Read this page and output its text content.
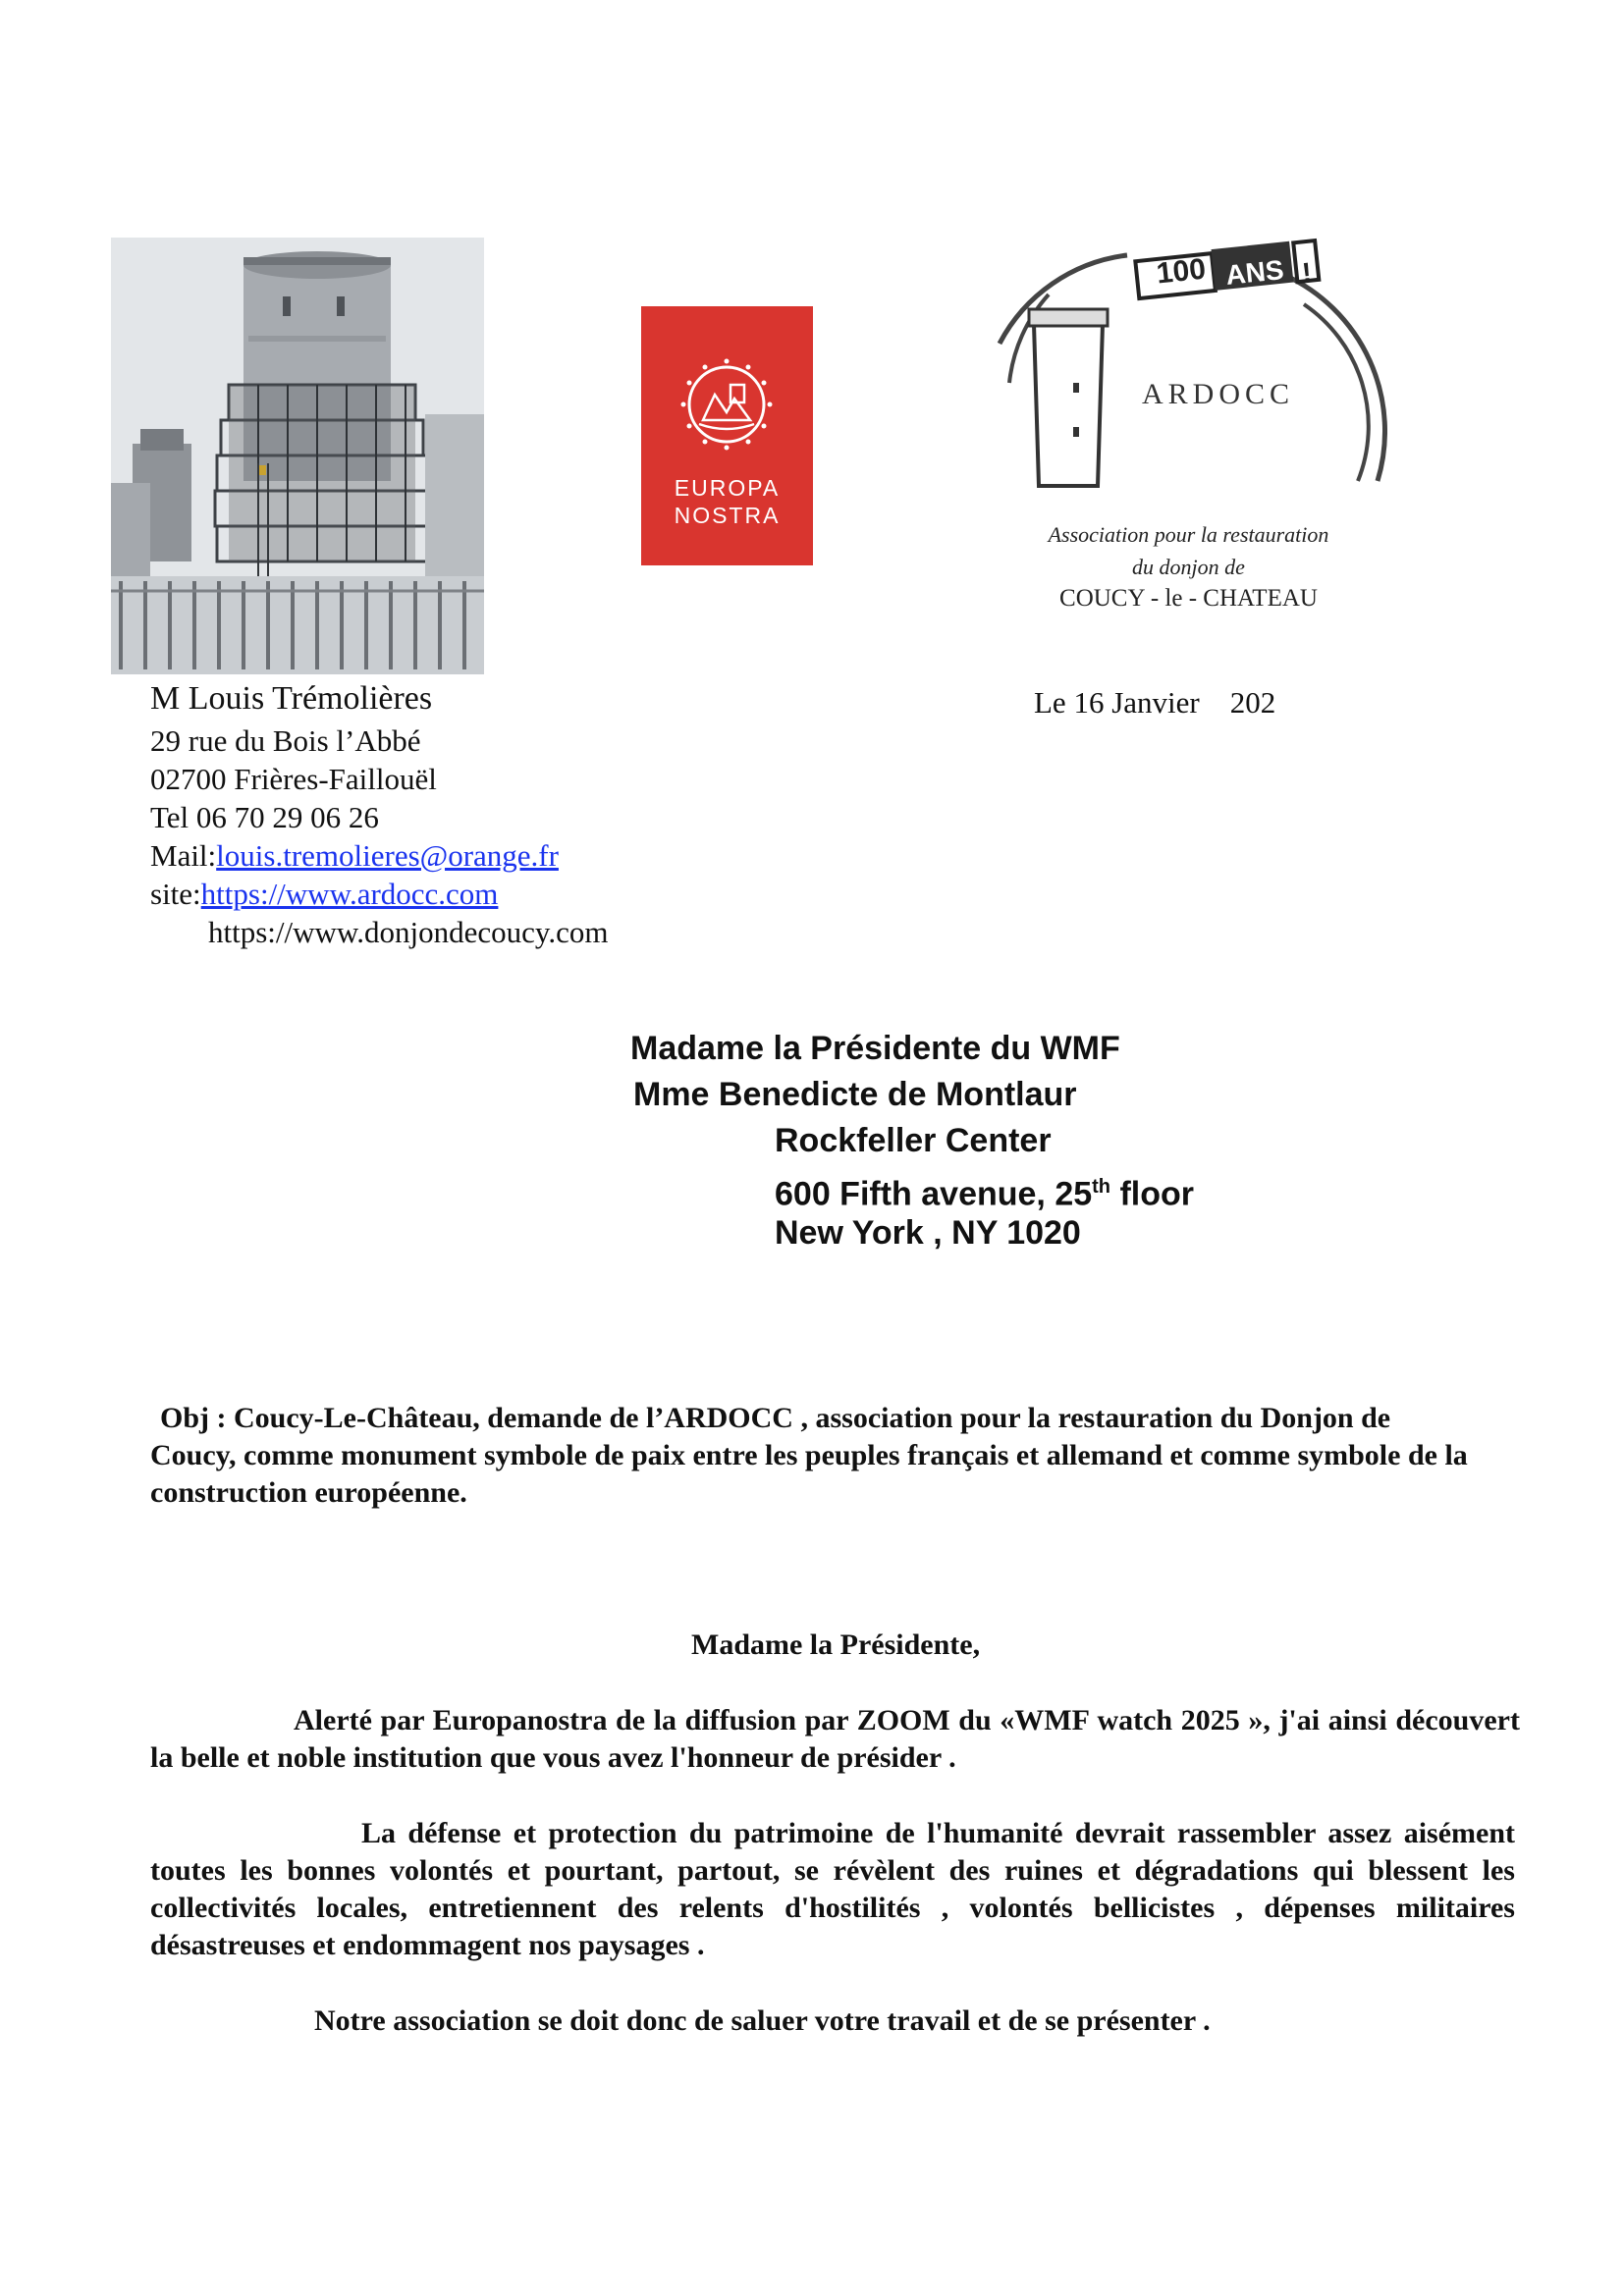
EUROPA
NOSTRA
100 ANS !
ARDOCC
Association pour la restauration
du donjon de
COUCY - le - CHATEAU
M Louis Trémolières
29 rue du Bois l’Abbé
02700 Frières-Faillouël
Tel 06 70 29 06 26
Mail:louis.tremolieres@orange.fr
site:https://www.ardocc.com
https://www.donjondecoucy.com
Le 16 Janvier    202
Madame la Présidente du WMF
Mme Benedicte de Montlaur
Rockfeller Center
600 Fifth avenue, 25th floor
New York , NY 1020
Obj : Coucy-Le-Château, demande de l’ARDOCC , association pour la restauration du Donjon de Coucy, comme monument symbole de paix entre les peuples français et allemand et comme symbole de la construction européenne.
Madame la Présidente,
Alerté par Europanostra de la diffusion par ZOOM du «WMF watch 2025 », j'ai ainsi découvert la belle et noble institution que vous avez l'honneur de présider .
La défense et protection du patrimoine de l'humanité devrait rassembler assez aisément toutes les bonnes volontés et pourtant, partout, se révèlent des ruines et dégradations qui blessent les collectivités locales, entretiennent des relents d'hostilités , volontés bellicistes , dépenses militaires désastreuses et endommagent nos paysages .
Notre association se doit donc de saluer votre travail et de se présenter .
